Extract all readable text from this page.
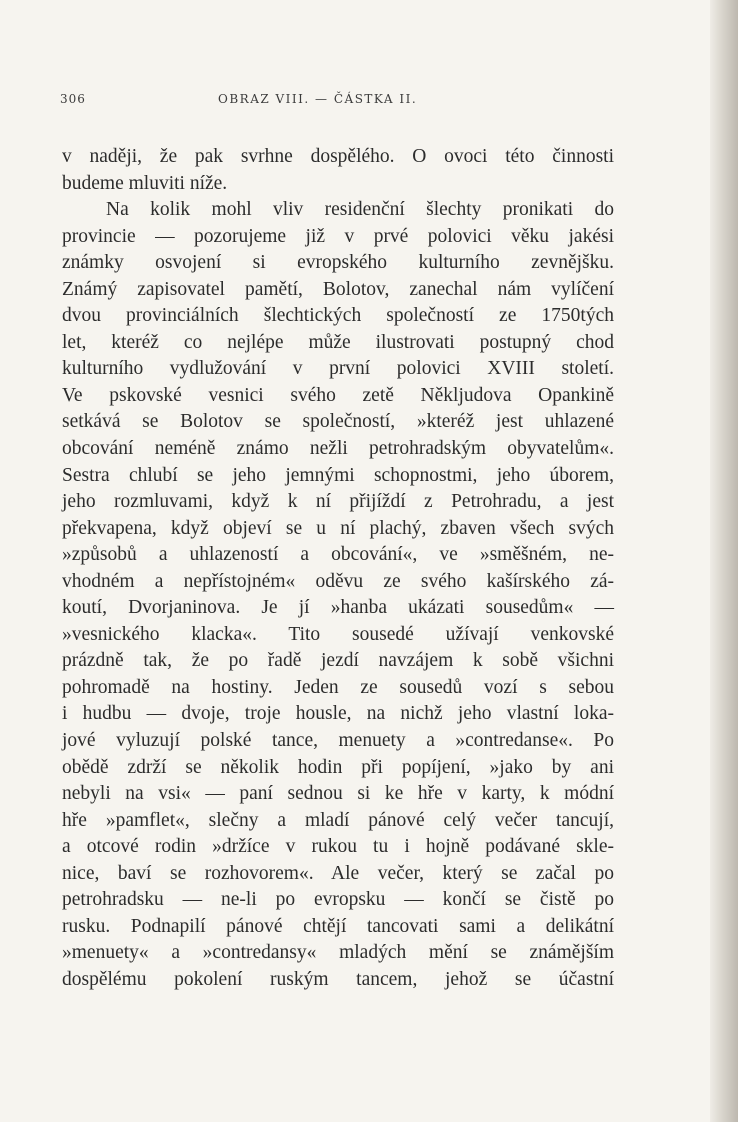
306	OBRAZ VIII. — ČÁSTKA II.
v naději, že pak svrhne dospělého. O ovoci této činnosti
budeme mluviti níže.
Na kolik mohl vliv residenční šlechty pronikati do
provincie — pozorujeme již v prvé polovici věku jakési
známky osvojení si evropského kulturního zevnějšku.
Známý zapisovatel pamětí, Bolotov, zanechal nám vylíčení
dvou provinciálních šlechtických společností ze 1750tých
let, kteréž co nejlépe může ilustrovati postupný chod
kulturního vydlužování v první polovici XVIII století.
Ve pskovské vesnici svého zetě Někljudova Opankině
setkává se Bolotov se společností, »kteréž jest uhlazené
obcování neméně známo nežli petrohradským obyvatelům«.
Sestra chlubí se jeho jemnými schopnostmi, jeho úborem,
jeho rozmluvami, když k ní přijíždí z Petrohradu, a jest
překvapena, když objeví se u ní plachý, zbaven všech svých
»způsobů a uhlazeností a obcování«, ve »směšném, ne-
vhodném a nepřístojném« oděvu ze svého kašírského zá-
koutí, Dvorjaninova. Je jí »hanba ukázati sousedům« —
»vesnického klacka«. Tito sousedé užívají venkovské
prázdně tak, že po řadě jezdí navzájem k sobě všichni
pohromadě na hostiny. Jeden ze sousedů vozí s sebou
i hudbu — dvoje, troje housle, na nichž jeho vlastní loka-
jové vyluzují polské tance, menuety a »contredanse«. Po
obědě zdrží se několik hodin při popíjení, »jako by ani
nebyli na vsi« — paní sednou si ke hře v karty, k módní
hře »pamflet«, slečny a mladí pánové celý večer tancují,
a otcové rodin »držíce v rukou tu i hojně podávané skle-
nice, baví se rozhovorem«. Ale večer, který se začal po
petrohradsku — ne-li po evropsku — končí se čistě po
rusku. Podnapilí pánové chtějí tancovati sami a delikátní
»menuety« a »contredansy« mladých mění se známějším
dospělému pokolení ruským tancem, jehož se účastní
